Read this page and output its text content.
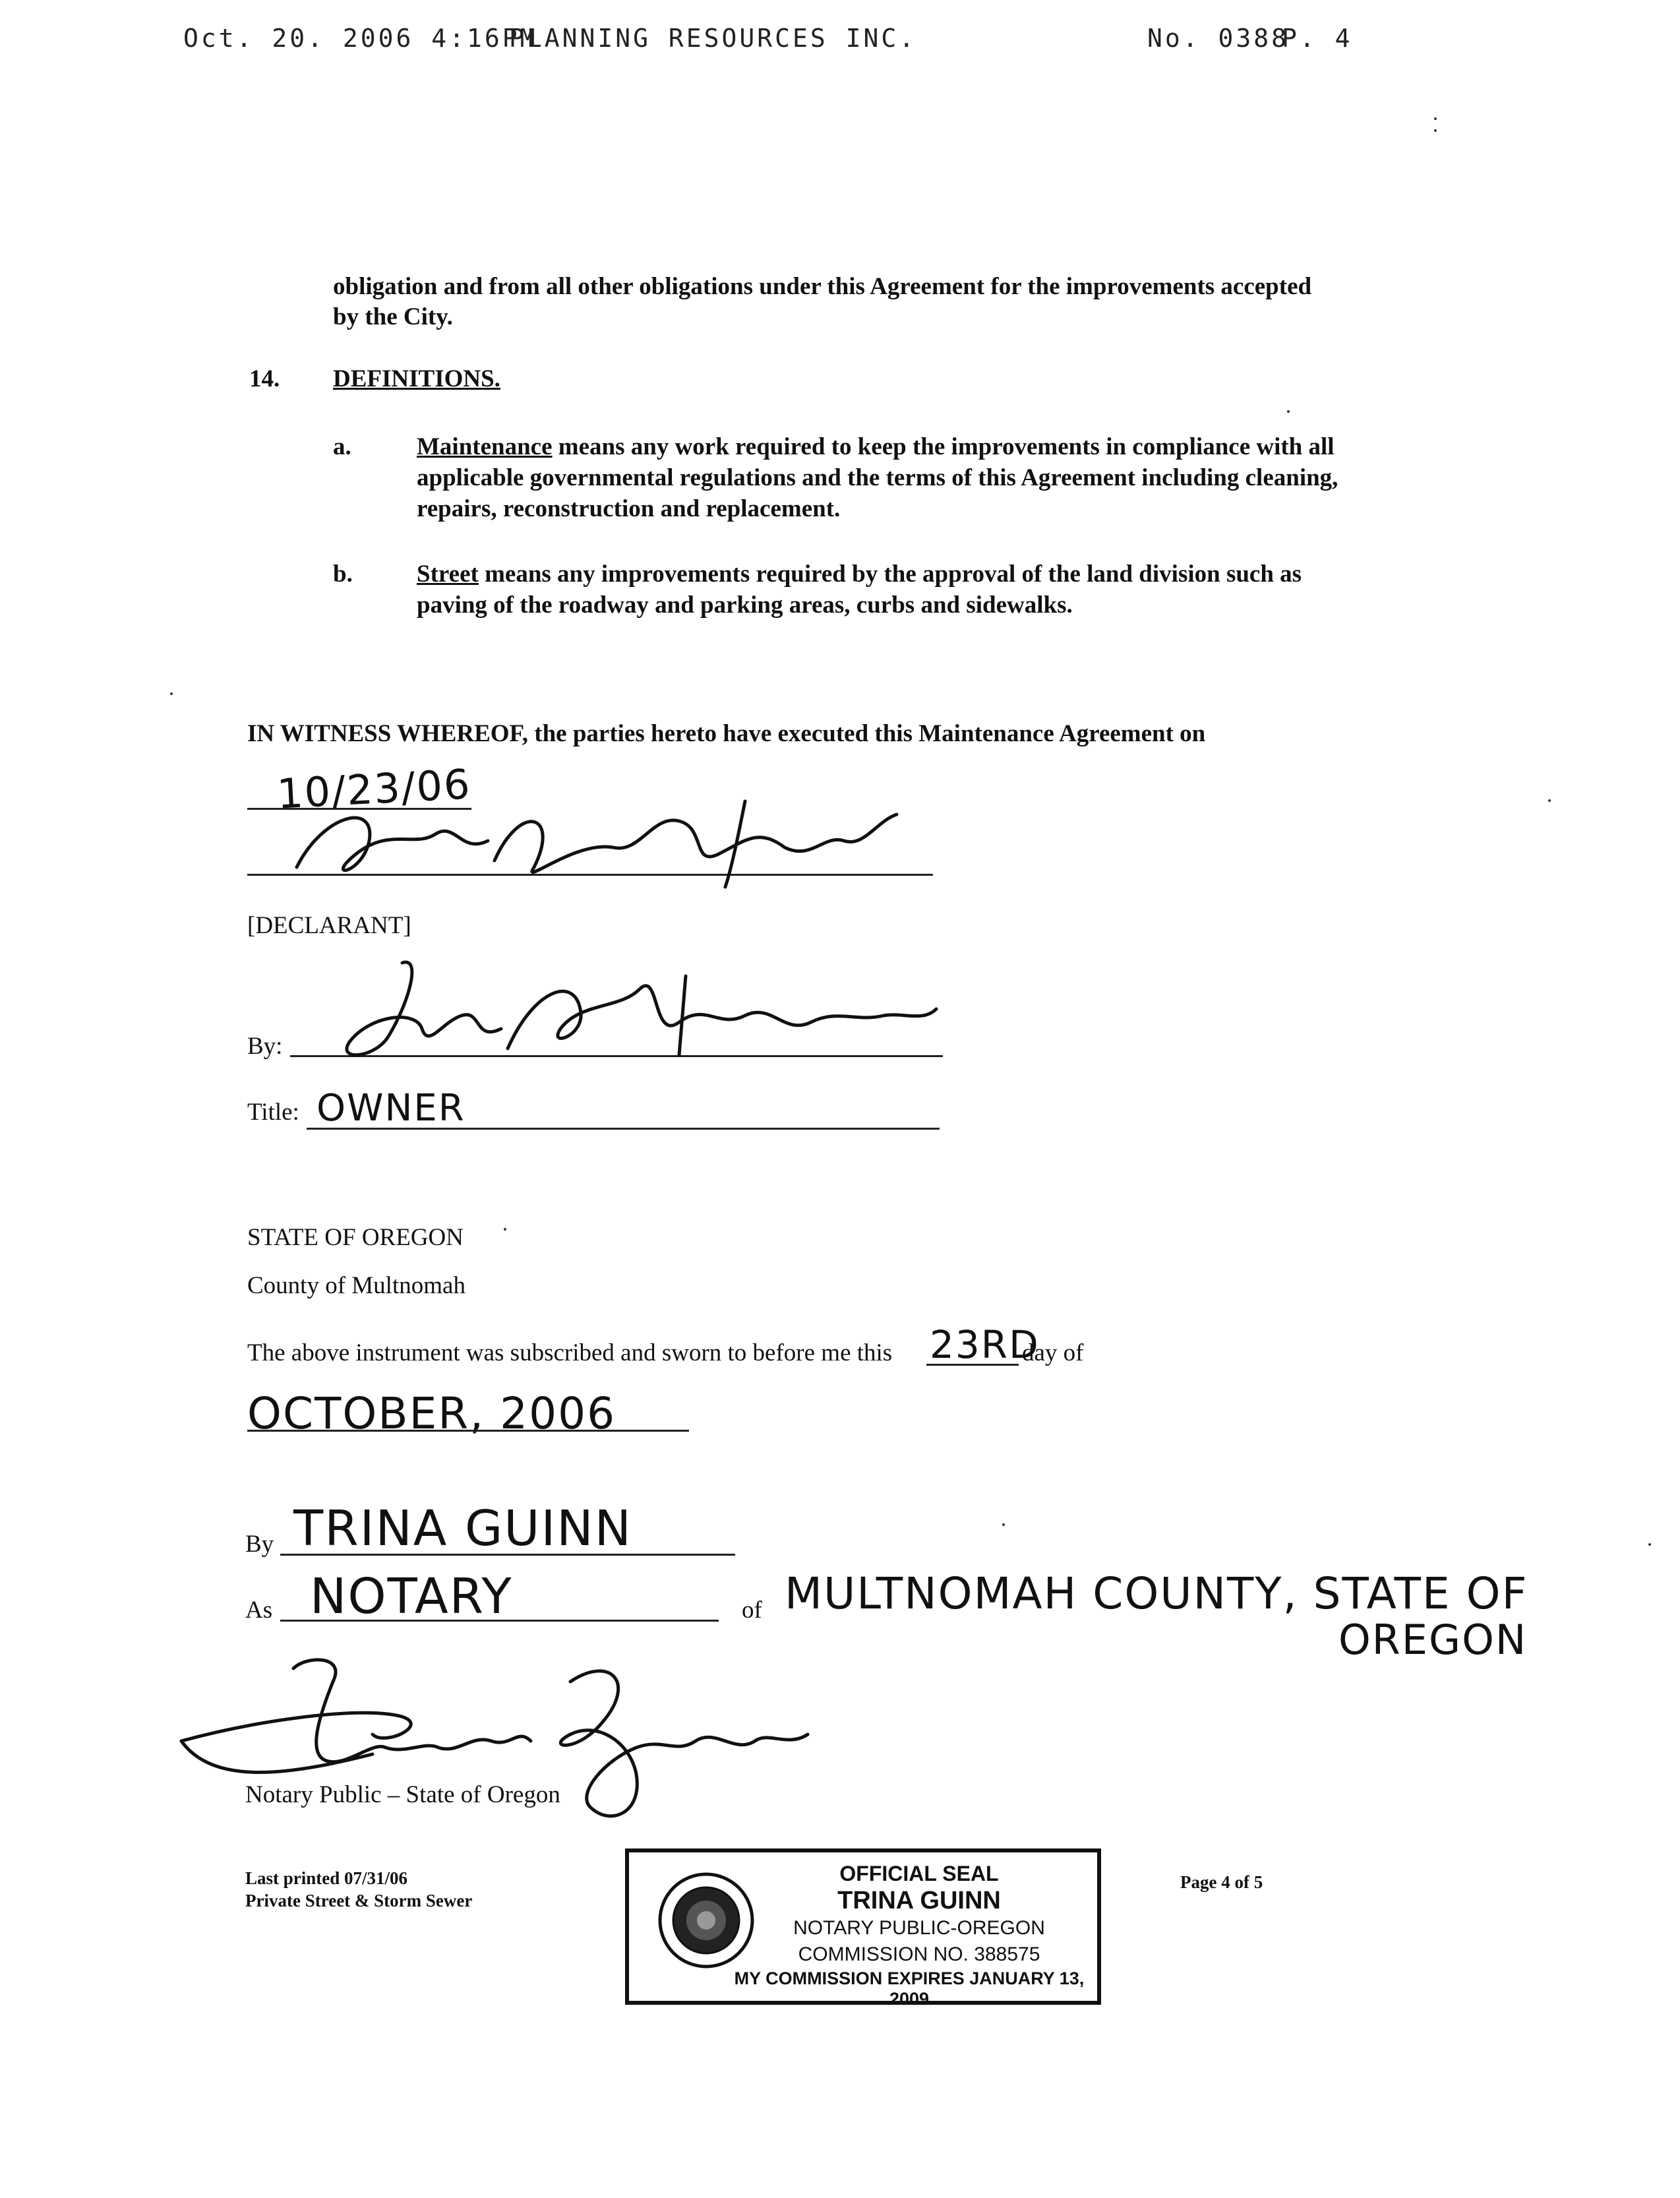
Oct. 20. 2006 4:16PM
PLANNING RESOURCES INC.	No. 0388
P. 4
obligation and from all other obligations under this Agreement for the improvements accepted by the City.
14. DEFINITIONS.
a.	Maintenance means any work required to keep the improvements in compliance with all
applicable governmental regulations and the terms of this Agreement including cleaning,
repairs, reconstruction and replacement.
b.	Street means any improvements required by the approval of the land division such as
paving of the roadway and parking areas, curbs and sidewalks.
IN WITNESS WHEREOF, the parties hereto have executed this Maintenance Agreement on
10/23/06
[DECLARANT]
By:
Title: OWNER
STATE OF OREGON
County of Multnomah
The above instrument was subscribed and sworn to before me this 23RD
day of
OCTOBER, 2006
By TRINA GUINN
As NOTARY	of MULTNOMAH COUNTY, STATE OF
OREGON
Notary Public – State of Oregon
Last printed 07/31/06
Private Street & Storm Sewer
Page 4 of 5
OFFICIAL SEAL
TRINA GUINN
NOTARY PUBLIC-OREGON
COMMISSION NO. 388575
MY COMMISSION EXPIRES JANUARY 13, 2009
